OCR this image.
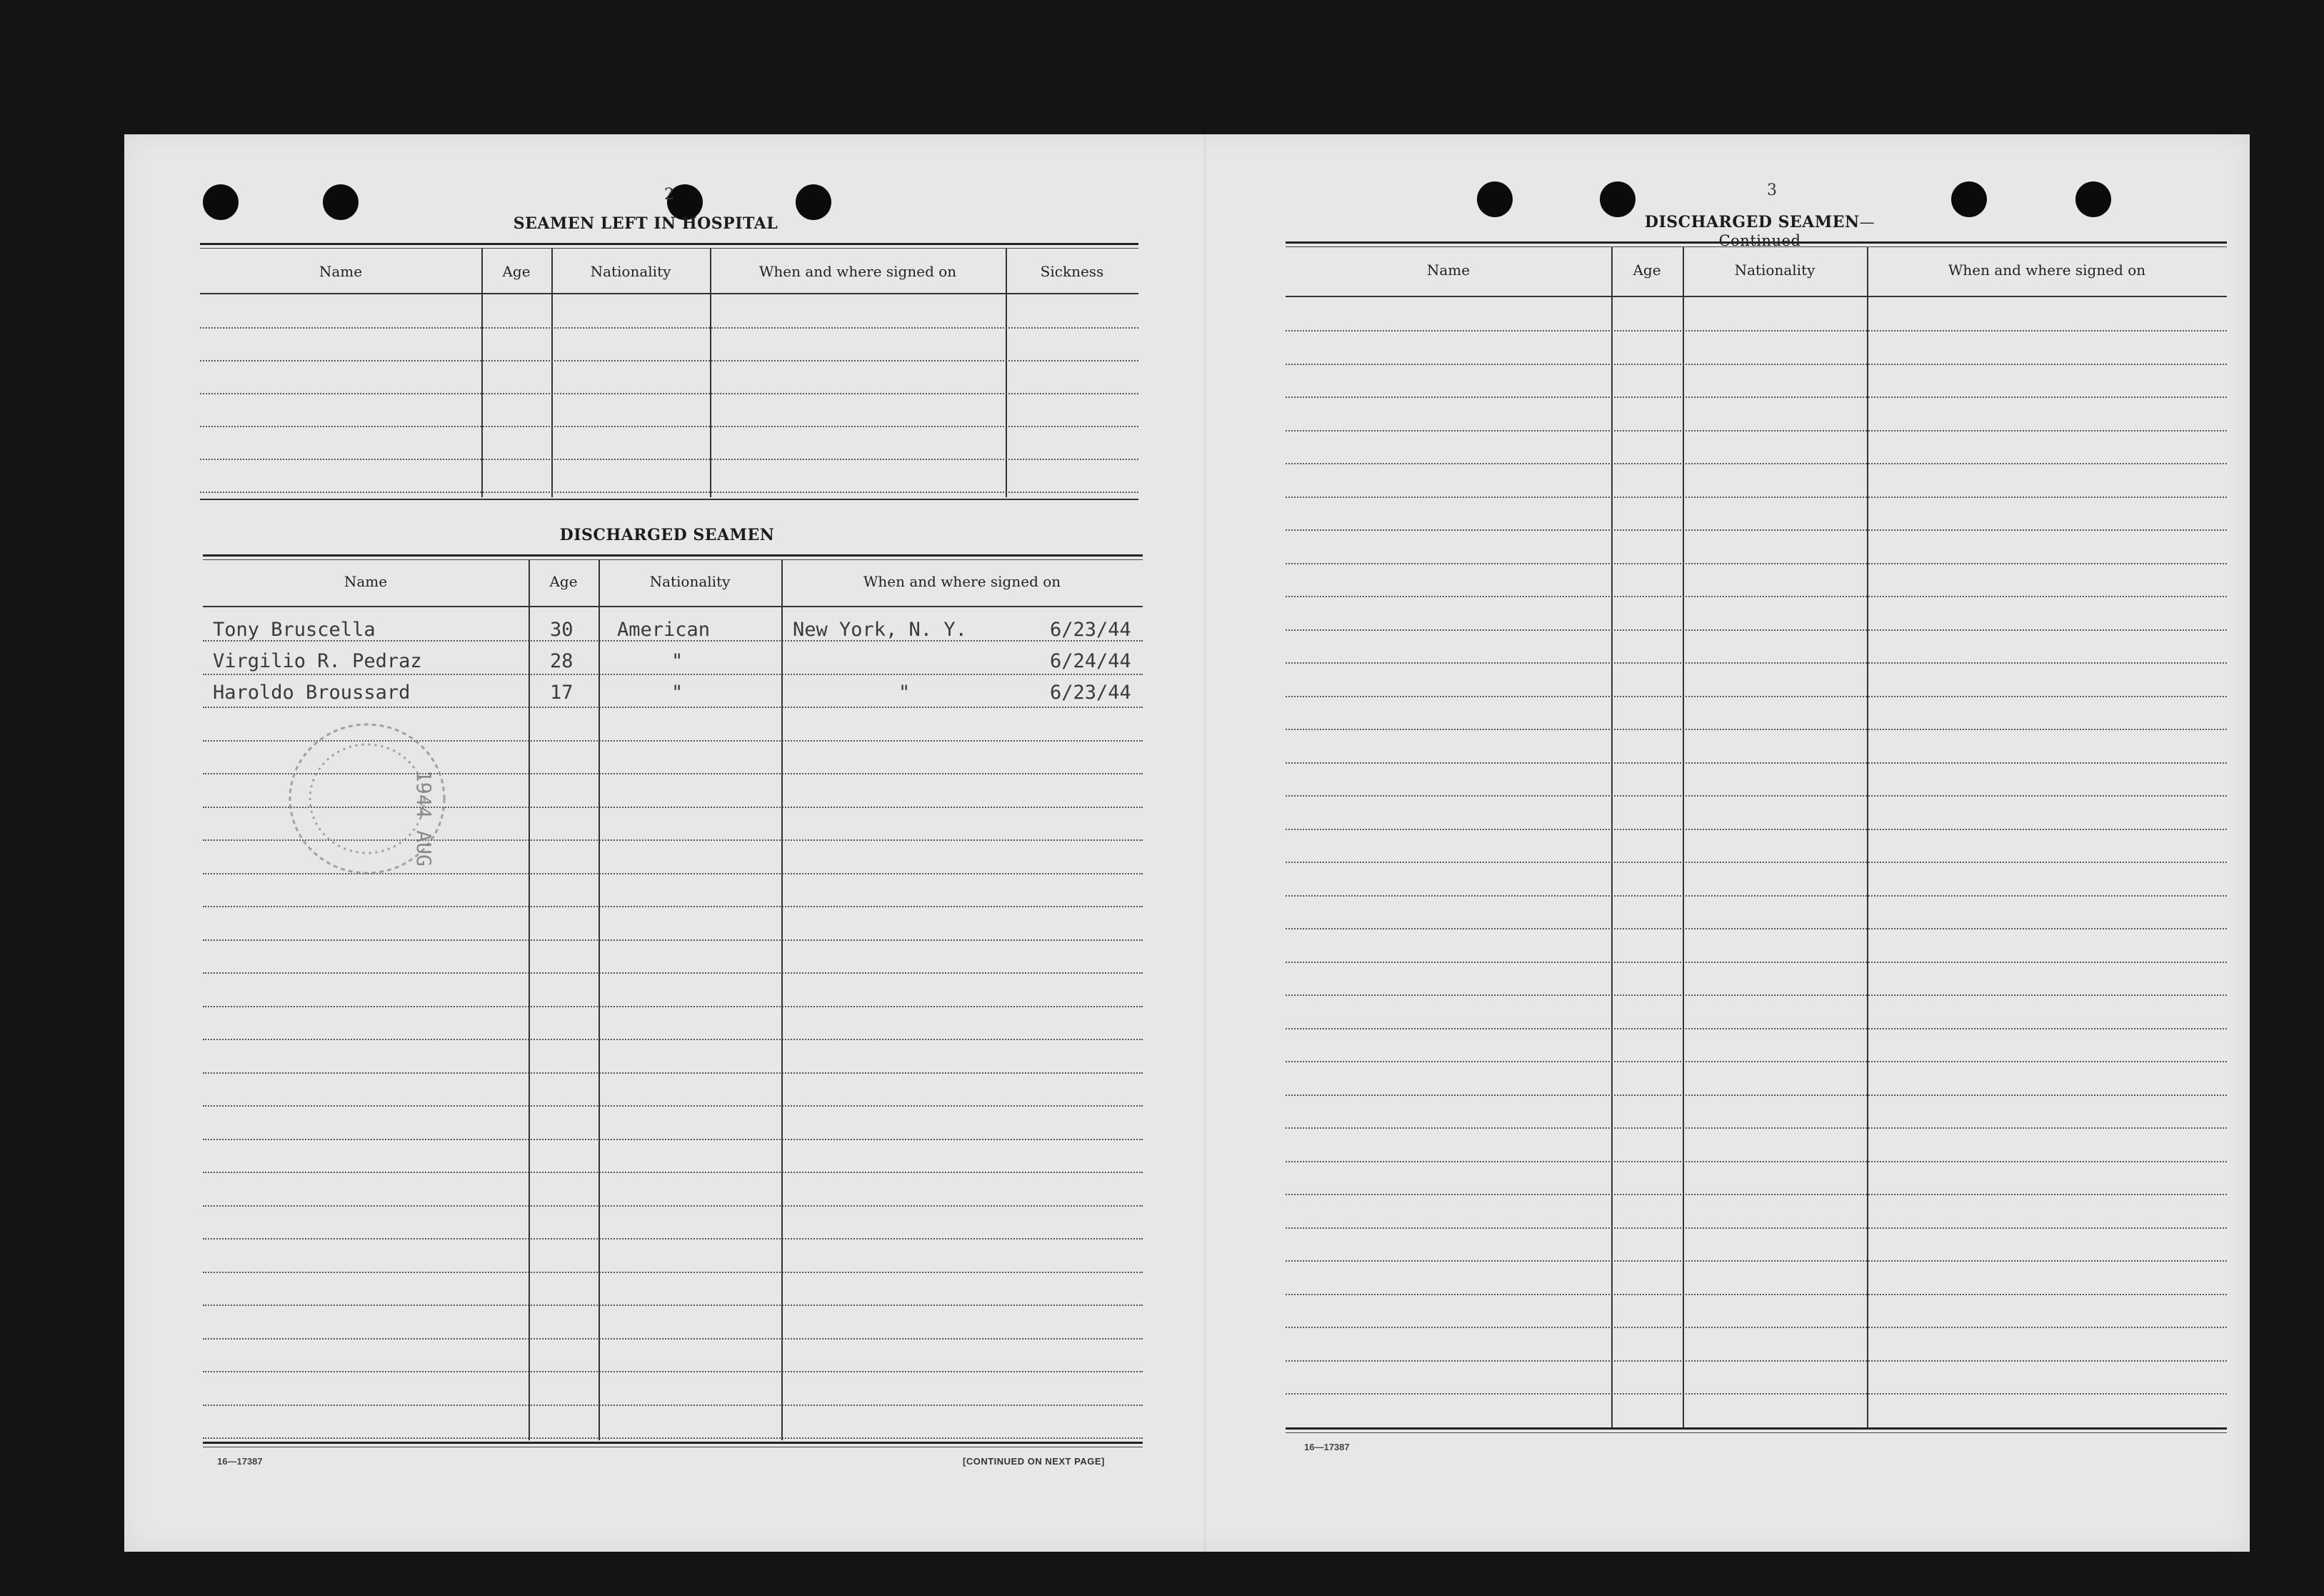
2
SEAMEN LEFT IN HOSPITAL
Name	Age	Nationality	When and where signed on	Sickness
DISCHARGED SEAMEN
Name	Age	Nationality	When and where signed on
Tony Bruscella	30 American	New York, N. Y.	6/23/44
Virgilio R. Pedraz	28	"	6/24/44
Haroldo Broussard	17	"	"	6/23/44
1944 AUG
16—17387	[CONTINUED ON NEXT PAGE]
3
DISCHARGED SEAMEN—Continued
Name	Age	Nationality	When and where signed on
16—17387
